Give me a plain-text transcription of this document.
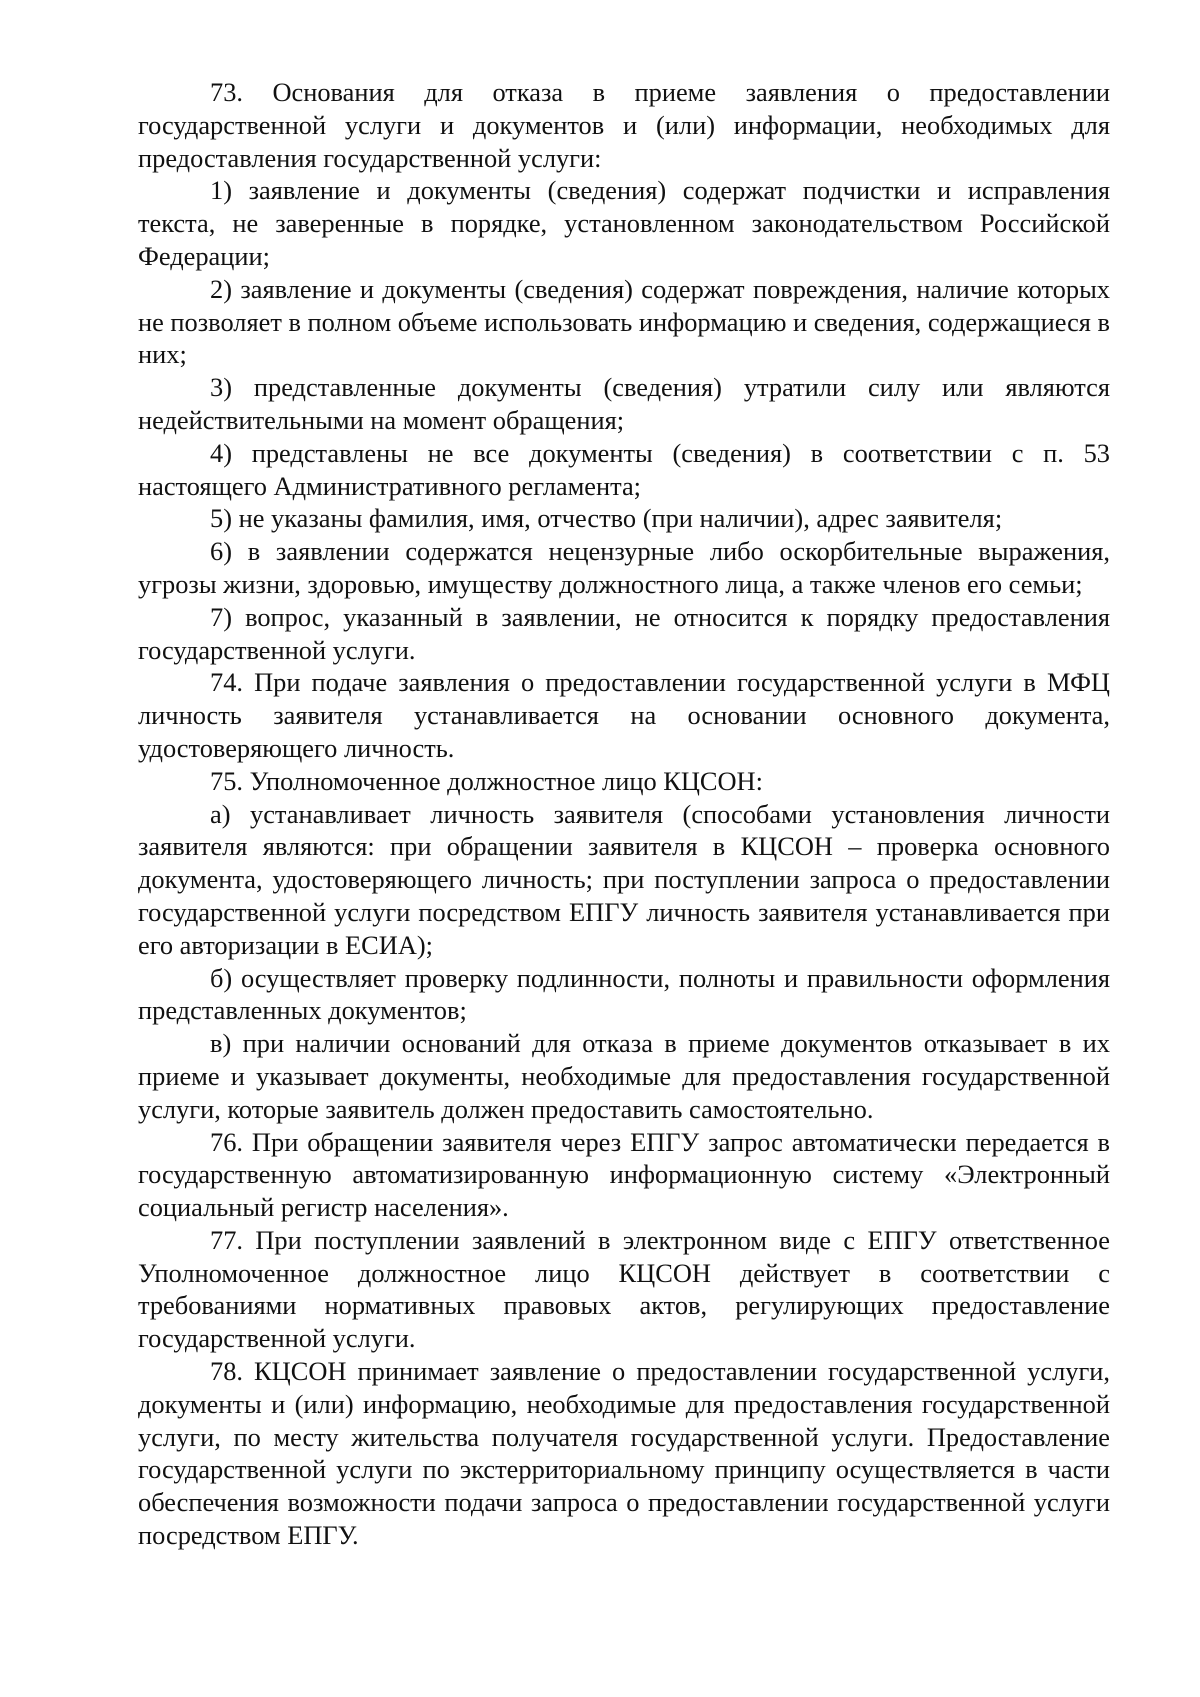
73. Основания для отказа в приеме заявления о предоставлении государственной услуги и документов и (или) информации, необходимых для предоставления государственной услуги:

1) заявление и документы (сведения) содержат подчистки и исправления текста, не заверенные в порядке, установленном законодательством Российской Федерации;

2) заявление и документы (сведения) содержат повреждения, наличие которых не позволяет в полном объеме использовать информацию и сведения, содержащиеся в них;

3) представленные документы (сведения) утратили силу или являются недействительными на момент обращения;

4) представлены не все документы (сведения) в соответствии с п. 53 настоящего Административного регламента;

5) не указаны фамилия, имя, отчество (при наличии), адрес заявителя;

6) в заявлении содержатся нецензурные либо оскорбительные выражения, угрозы жизни, здоровью, имуществу должностного лица, а также членов его семьи;

7) вопрос, указанный в заявлении, не относится к порядку предоставления государственной услуги.

74. При подаче заявления о предоставлении государственной услуги в МФЦ личность заявителя устанавливается на основании основного документа, удостоверяющего личность.

75. Уполномоченное должностное лицо КЦСОН:

а) устанавливает личность заявителя (способами установления личности заявителя являются: при обращении заявителя в КЦСОН – проверка основного документа, удостоверяющего личность; при поступлении запроса о предоставлении государственной услуги посредством ЕПГУ личность заявителя устанавливается при его авторизации в ЕСИА);

б) осуществляет проверку подлинности, полноты и правильности оформления представленных документов;

в) при наличии оснований для отказа в приеме документов отказывает в их приеме и указывает документы, необходимые для предоставления государственной услуги, которые заявитель должен предоставить самостоятельно.

76. При обращении заявителя через ЕПГУ запрос автоматически передается в государственную автоматизированную информационную систему «Электронный социальный регистр населения».

77. При поступлении заявлений в электронном виде с ЕПГУ ответственное Уполномоченное должностное лицо КЦСОН действует в соответствии с требованиями нормативных правовых актов, регулирующих предоставление государственной услуги.

78. КЦСОН принимает заявление о предоставлении государственной услуги, документы и (или) информацию, необходимые для предоставления государственной услуги, по месту жительства получателя государственной услуги. Предоставление государственной услуги по экстерриториальному принципу осуществляется в части обеспечения возможности подачи запроса о предоставлении государственной услуги посредством ЕПГУ.
